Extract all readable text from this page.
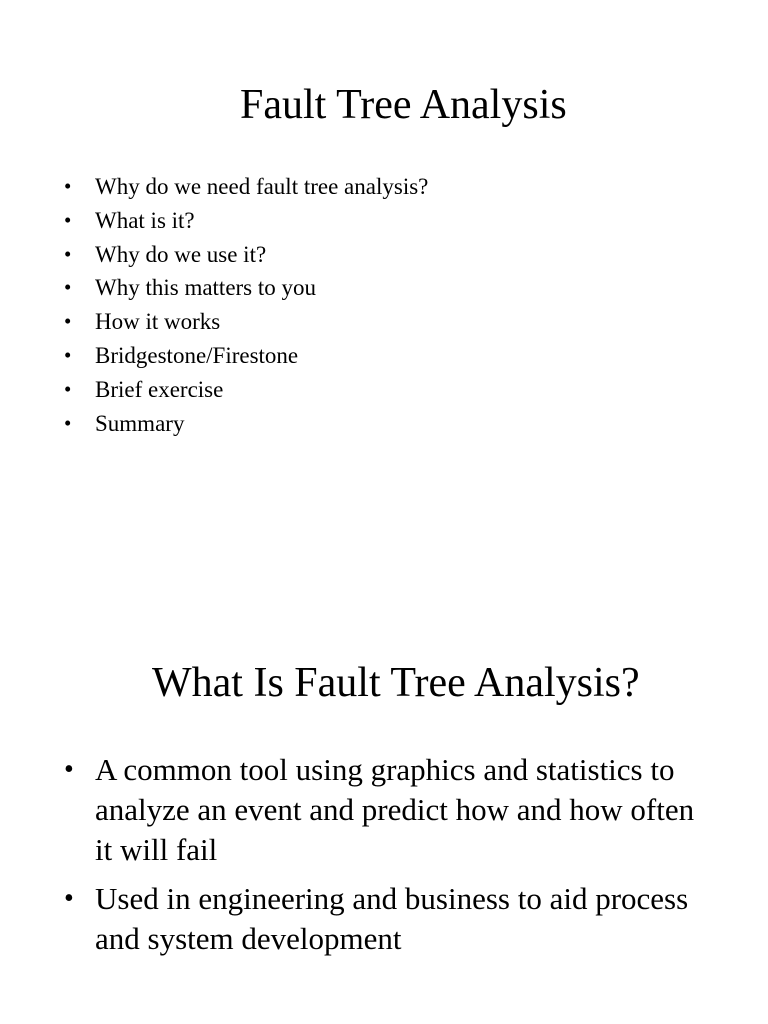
Fault Tree Analysis
• Why do we need fault tree analysis?
• What is it?
• Why do we use it?
• Why this matters to you
• How it works
• Bridgestone/Firestone
• Brief exercise
• Summary
What Is Fault Tree Analysis?
• A common tool using graphics and statistics to analyze an event and predict how and how often it will fail
• Used in engineering and business to aid process and system development
